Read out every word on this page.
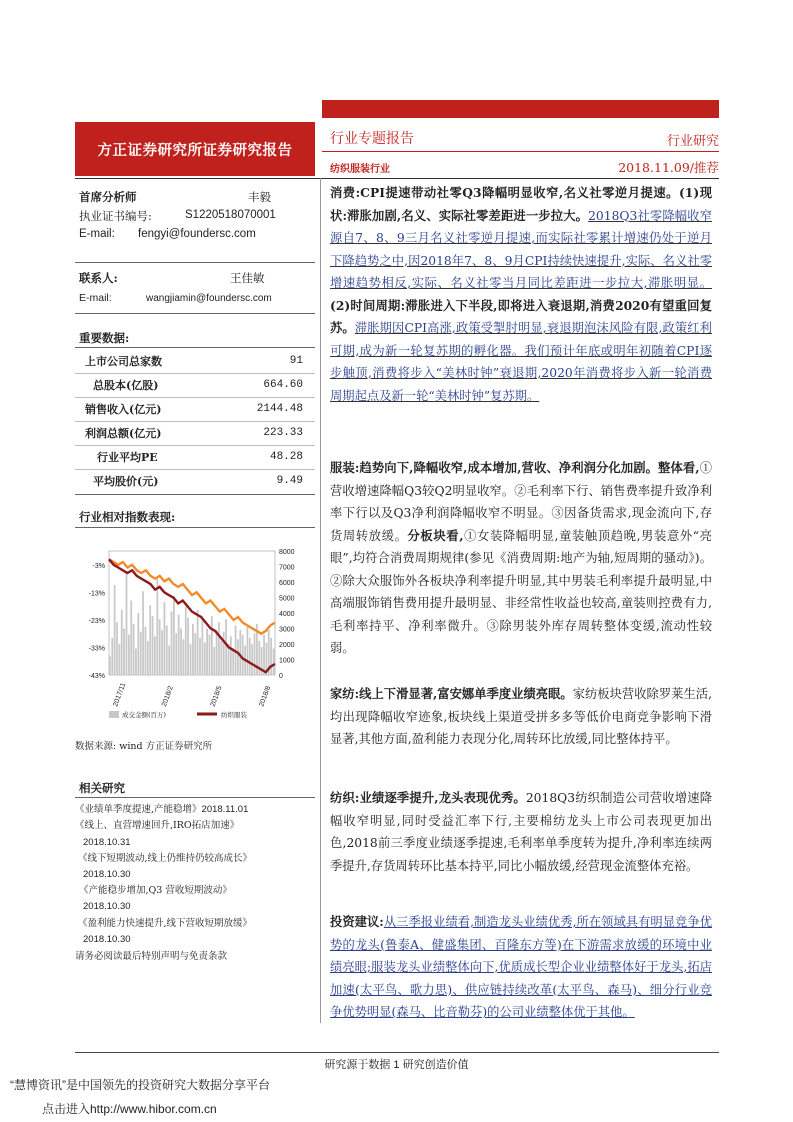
方正证券研究所证券研究报告
行业专题报告	行业研究
纺织服装行业	2018.11.09/推荐
首席分析师	丰毅
执业证书编号:	S1220518070001
E-mail: fengyi@foundersc.com
联系人:	王佳敏
E-mail:	wangjiamin@foundersc.com
重要数据:
上市公司总家数	91
总股本(亿股)	664.60
销售收入(亿元)	2144.48
利润总额(亿元)	223.33
行业平均PE	48.28
平均股价(元)	9.49
行业相对指数表现:
-3%
-13%
-23%
-33%
-43%
8000
7000
6000
5000
4000
3000
2000
1000
0
2017/11	2018/2	2018/5	2018/8
成交金额(百万)	纺织服装
数据来源: wind 方正证券研究所
相关研究
《业绩单季度提速,产能稳增》2018.11.01
《线上、直营增速回升,IRO拓店加速》
2018.10.31
《线下短期波动,线上仍维持仍较高成长》
2018.10.30
《产能稳步增加,Q3 营收短期波动》
2018.10.30
《盈利能力快速提升,线下营收短期放缓》
2018.10.30
请务必阅读最后特别声明与免责条款

消费:CPI提速带动社零Q3降幅明显收窄,名义社零逆月提速。(1)现状:滞胀加剧,名义、实际社零差距进一步拉大。2018Q3社零降幅收窄源自7、8、9三月名义社零逆月提速,而实际社零累计增速仍处于逆月下降趋势之中,因2018年7、8、9月CPI持续快速提升,实际、名义社零增速趋势相反,实际、名义社零当月同比差距进一步拉大,滞胀明显。(2)时间周期:滞胀进入下半段,即将进入衰退期,消费2020有望重回复苏。滞胀期因CPI高涨,政策受掣肘明显,衰退期泡沫风险有限,政策红利可期,成为新一轮复苏期的孵化器。我们预计年底或明年初随着CPI逐步触顶,消费将步入“美林时钟”衰退期,2020年消费将步入新一轮消费周期起点及新一轮“美林时钟”复苏期。

服装:趋势向下,降幅收窄,成本增加,营收、净利润分化加剧。整体看,①营收增速降幅Q3较Q2明显收窄。②毛利率下行、销售费率提升致净利率下行以及Q3净利润降幅收窄不明显。③因备货需求,现金流向下,存货周转放缓。分板块看,①女装降幅明显,童装触顶趋晚,男装意外“亮眼”,均符合消费周期规律(参见《消费周期:地产为轴,短周期的骚动》)。②除大众服饰外各板块净利率提升明显,其中男装毛利率提升最明显,中高端服饰销售费用提升最明显、非经常性收益也较高,童装则控费有力,毛利率持平、净利率微升。③除男装外库存周转整体变缓,流动性较弱。

家纺:线上下滑显著,富安娜单季度业绩亮眼。家纺板块营收除罗莱生活,均出现降幅收窄迹象,板块线上渠道受拼多多等低价电商竞争影响下滑显著,其他方面,盈利能力表现分化,周转环比放缓,同比整体持平。

纺织:业绩逐季提升,龙头表现优秀。2018Q3纺织制造公司营收增速降幅收窄明显,同时受益汇率下行,主要棉纺龙头上市公司表现更加出色,2018前三季度业绩逐季提速,毛利率单季度转为提升,净利率连续两季提升,存货周转环比基本持平,同比小幅放缓,经营现金流整体充裕。

投资建议:从三季报业绩看,制造龙头业绩优秀,所在领域具有明显竞争优势的龙头(鲁泰A、健盛集团、百隆东方等)在下游需求放缓的环境中业绩亮眼;服装龙头业绩整体向下,优质成长型企业业绩整体好于龙头,拓店加速(太平鸟、歌力思)、供应链持续改革(太平鸟、森马)、细分行业竞争优势明显(森马、比音勒芬)的公司业绩整体优于其他。

研究源于数据 1 研究创造价值
“慧博资讯”是中国领先的投资研究大数据分享平台
点击进入http://www.hibor.com.cn
